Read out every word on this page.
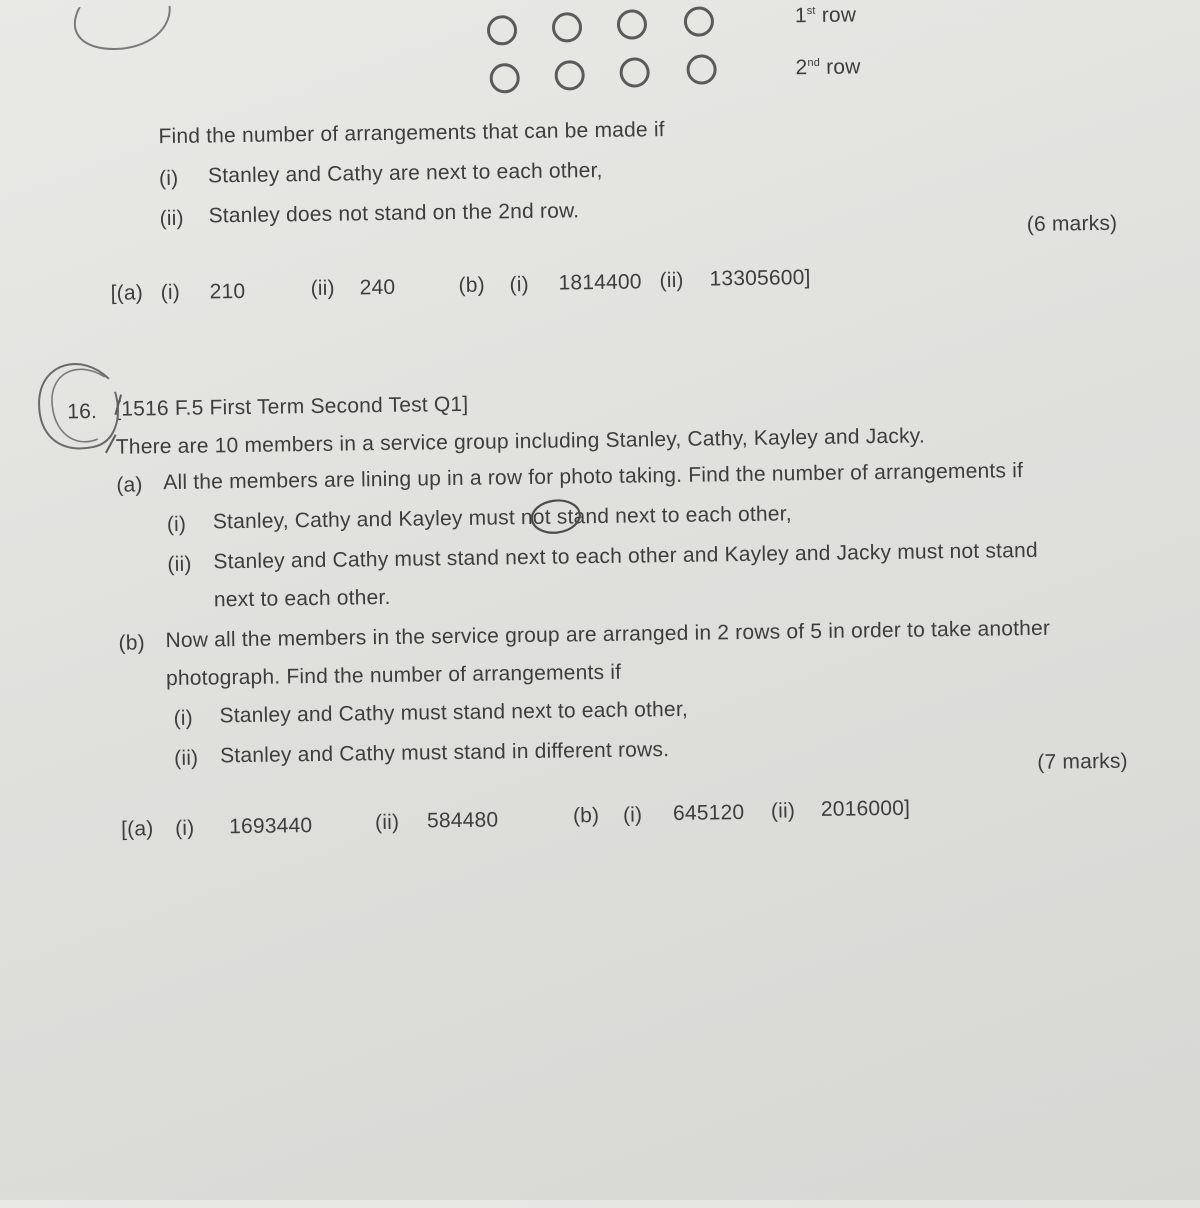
1st row
2nd row
Find the number of arrangements that can be made if
(i) Stanley and Cathy are next to each other,
(ii) Stanley does not stand on the 2nd row.	(6 marks)
[(a) (i) 210	(ii) 240	(b) (i) 1814400 (ii) 13305600]
16. [1516 F.5 First Term Second Test Q1]
There are 10 members in a service group including Stanley, Cathy, Kayley and Jacky.
(a) All the members are lining up in a row for photo taking. Find the number of arrangements if
(i) Stanley, Cathy and Kayley must not stand next to each other,
(ii) Stanley and Cathy must stand next to each other and Kayley and Jacky must not stand
next to each other.
(b) Now all the members in the service group are arranged in 2 rows of 5 in order to take another
photograph. Find the number of arrangements if
(i) Stanley and Cathy must stand next to each other,
(ii) Stanley and Cathy must stand in different rows.	(7 marks)
[(a) (i) 1693440	(ii) 584480	(b) (i) 645120 (ii) 2016000]
